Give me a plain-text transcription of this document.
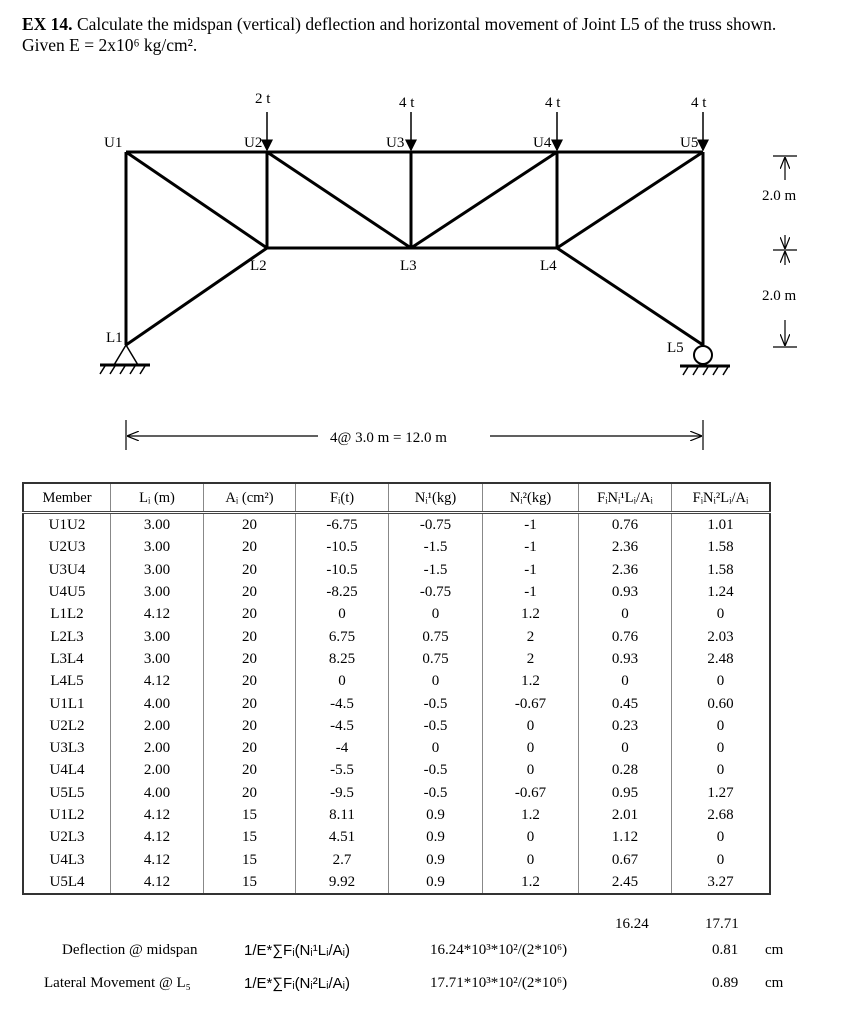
EX 14. Calculate the midspan (vertical) deflection and horizontal movement of Joint L5 of the truss shown. Given E = 2x10⁶ kg/cm².
2 t	4 t	4 t	4 t
U1	U2	U3	U4	U5
L1
L2	L3	L4
L5
2.0 m
2.0 m
4@ 3.0 m = 12.0 m
Member	Lᵢ (m)	Aᵢ (cm²)	Fᵢ(t)	Nᵢ¹(kg)	Nᵢ²(kg)	FᵢNᵢ¹Lᵢ/Aᵢ	FᵢNᵢ²Lᵢ/Aᵢ
U1U2	3.00	20	-6.75	-0.75	-1	0.76	1.01
U2U3	3.00	20	-10.5	-1.5	-1	2.36	1.58
U3U4	3.00	20	-10.5	-1.5	-1	2.36	1.58
U4U5	3.00	20	-8.25	-0.75	-1	0.93	1.24
L1L2	4.12	20	0	0	1.2	0	0
L2L3	3.00	20	6.75	0.75	2	0.76	2.03
L3L4	3.00	20	8.25	0.75	2	0.93	2.48
L4L5	4.12	20	0	0	1.2	0	0
U1L1	4.00	20	-4.5	-0.5	-0.67	0.45	0.60
U2L2	2.00	20	-4.5	-0.5	0	0.23	0
U3L3	2.00	20	-4	0	0	0	0
U4L4	2.00	20	-5.5	-0.5	0	0.28	0
U5L5	4.00	20	-9.5	-0.5	-0.67	0.95	1.27
U1L2	4.12	15	8.11	0.9	1.2	2.01	2.68
U2L3	4.12	15	4.51	0.9	0	1.12	0
U4L3	4.12	15	2.7	0.9	0	0.67	0
U5L4	4.12	15	9.92	0.9	1.2	2.45	3.27
16.24	17.71
Deflection @ midspan	1/E*∑Fᵢ(Nᵢ¹Lᵢ/Aᵢ)	16.24*10³*10²/(2*10⁶)	0.81 cm
Lateral Movement @ L₅	1/E*∑Fᵢ(Nᵢ²Lᵢ/Aᵢ)	17.71*10³*10²/(2*10⁶)	0.89 cm
